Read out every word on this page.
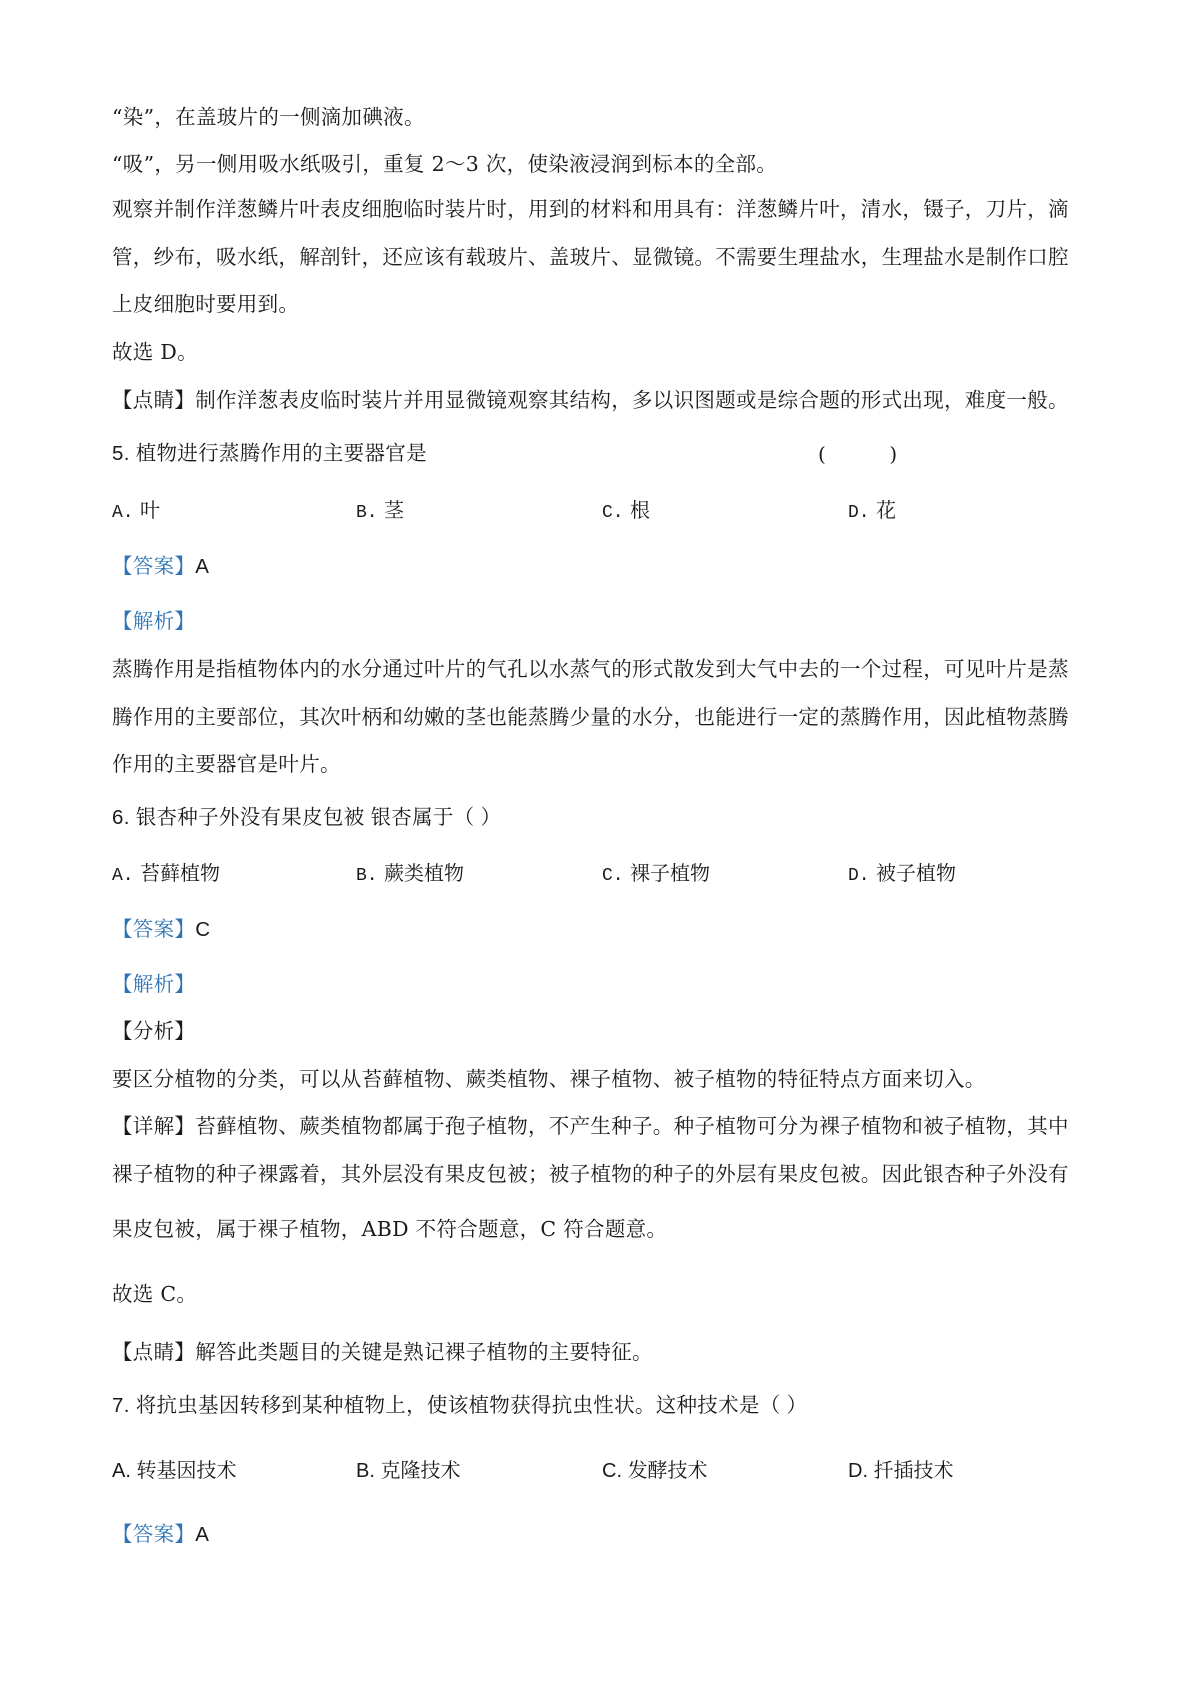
“染”，在盖玻片的一侧滴加碘液。
“吸”，另一侧用吸水纸吸引，重复 2～3 次，使染液浸润到标本的全部。
观察并制作洋葱鳞片叶表皮细胞临时装片时，用到的材料和用具有：洋葱鳞片叶，清水，镊子，刀片，滴
管，纱布，吸水纸，解剖针，还应该有载玻片、盖玻片、显微镜。不需要生理盐水，生理盐水是制作口腔
上皮细胞时要用到。
故选 D。
【点睛】制作洋葱表皮临时装片并用显微镜观察其结构，多以识图题或是综合题的形式出现，难度一般。
5. 植物进行蒸腾作用的主要器官是	(          )
A. 叶	B. 茎	C. 根	D. 花
【答案】A
【解析】
蒸腾作用是指植物体内的水分通过叶片的气孔以水蒸气的形式散发到大气中去的一个过程，可见叶片是蒸
腾作用的主要部位，其次叶柄和幼嫩的茎也能蒸腾少量的水分，也能进行一定的蒸腾作用，因此植物蒸腾
作用的主要器官是叶片。
6. 银杏种子外没有果皮包被 银杏属于（ ）
A. 苔藓植物	B. 蕨类植物	C. 裸子植物	D. 被子植物
【答案】C
【解析】
【分析】
要区分植物的分类，可以从苔藓植物、蕨类植物、裸子植物、被子植物的特征特点方面来切入。
【详解】苔藓植物、蕨类植物都属于孢子植物，不产生种子。种子植物可分为裸子植物和被子植物，其中
裸子植物的种子裸露着，其外层没有果皮包被；被子植物的种子的外层有果皮包被。因此银杏种子外没有
果皮包被，属于裸子植物，ABD 不符合题意，C 符合题意。
故选 C。
【点睛】解答此类题目的关键是熟记裸子植物的主要特征。
7. 将抗虫基因转移到某种植物上，使该植物获得抗虫性状。这种技术是（ ）
A. 转基因技术	B. 克隆技术	C. 发酵技术	D. 扦插技术
【答案】A
